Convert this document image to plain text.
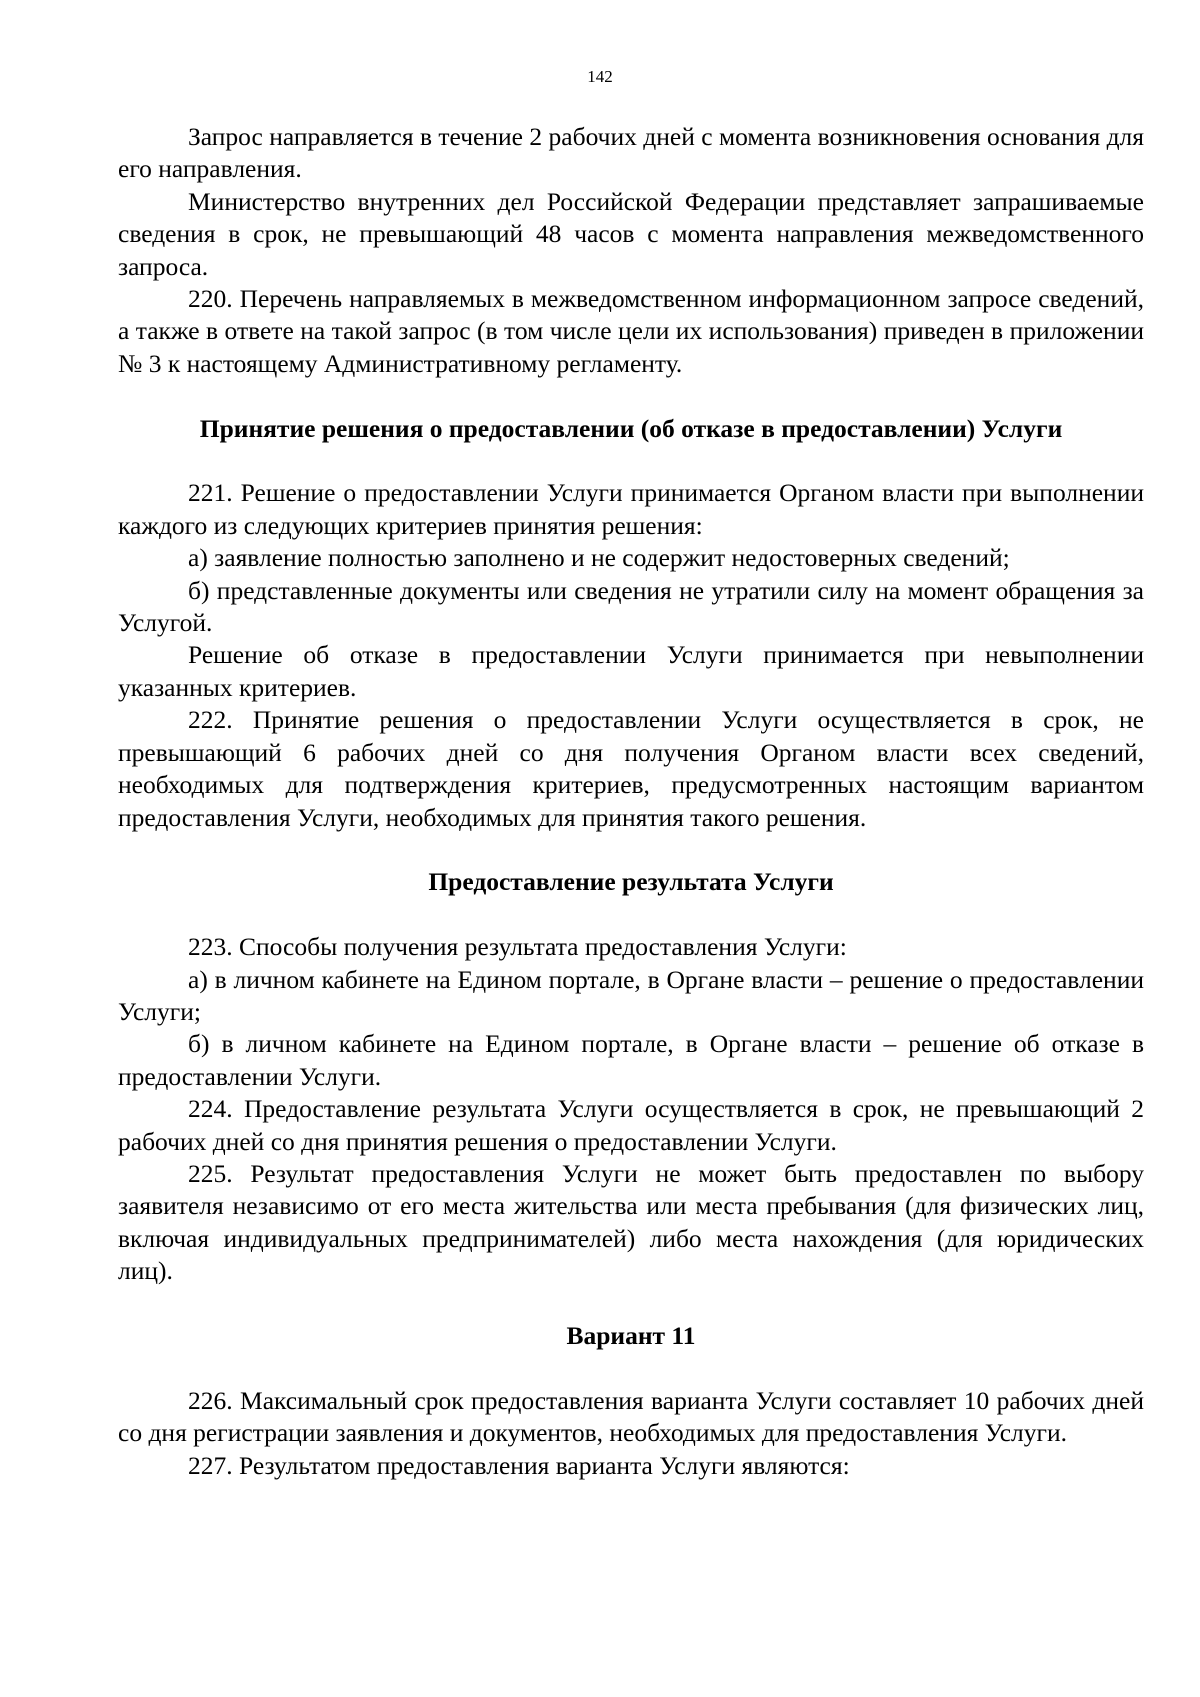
142

Запрос направляется в течение 2 рабочих дней с момента возникновения основания для его направления.

Министерство внутренних дел Российской Федерации представляет запрашиваемые сведения в срок, не превышающий 48 часов с момента направления межведомственного запроса.

220. Перечень направляемых в межведомственном информационном запросе сведений, а также в ответе на такой запрос (в том числе цели их использования) приведен в приложении № 3 к настоящему Административному регламенту.

Принятие решения о предоставлении (об отказе в предоставлении) Услуги

221. Решение о предоставлении Услуги принимается Органом власти при выполнении каждого из следующих критериев принятия решения:

а) заявление полностью заполнено и не содержит недостоверных сведений;

б) представленные документы или сведения не утратили силу на момент обращения за Услугой.

Решение об отказе в предоставлении Услуги принимается при невыполнении указанных критериев.

222. Принятие решения о предоставлении Услуги осуществляется в срок, не превышающий 6 рабочих дней со дня получения Органом власти всех сведений, необходимых для подтверждения критериев, предусмотренных настоящим вариантом предоставления Услуги, необходимых для принятия такого решения.

Предоставление результата Услуги

223. Способы получения результата предоставления Услуги:

а) в личном кабинете на Едином портале, в Органе власти – решение о предоставлении Услуги;

б) в личном кабинете на Едином портале, в Органе власти – решение об отказе в предоставлении Услуги.

224. Предоставление результата Услуги осуществляется в срок, не превышающий 2 рабочих дней со дня принятия решения о предоставлении Услуги.

225. Результат предоставления Услуги не может быть предоставлен по выбору заявителя независимо от его места жительства или места пребывания (для физических лиц, включая индивидуальных предпринимателей) либо места нахождения (для юридических лиц).

Вариант 11

226. Максимальный срок предоставления варианта Услуги составляет 10 рабочих дней со дня регистрации заявления и документов, необходимых для предоставления Услуги.

227. Результатом предоставления варианта Услуги являются:
